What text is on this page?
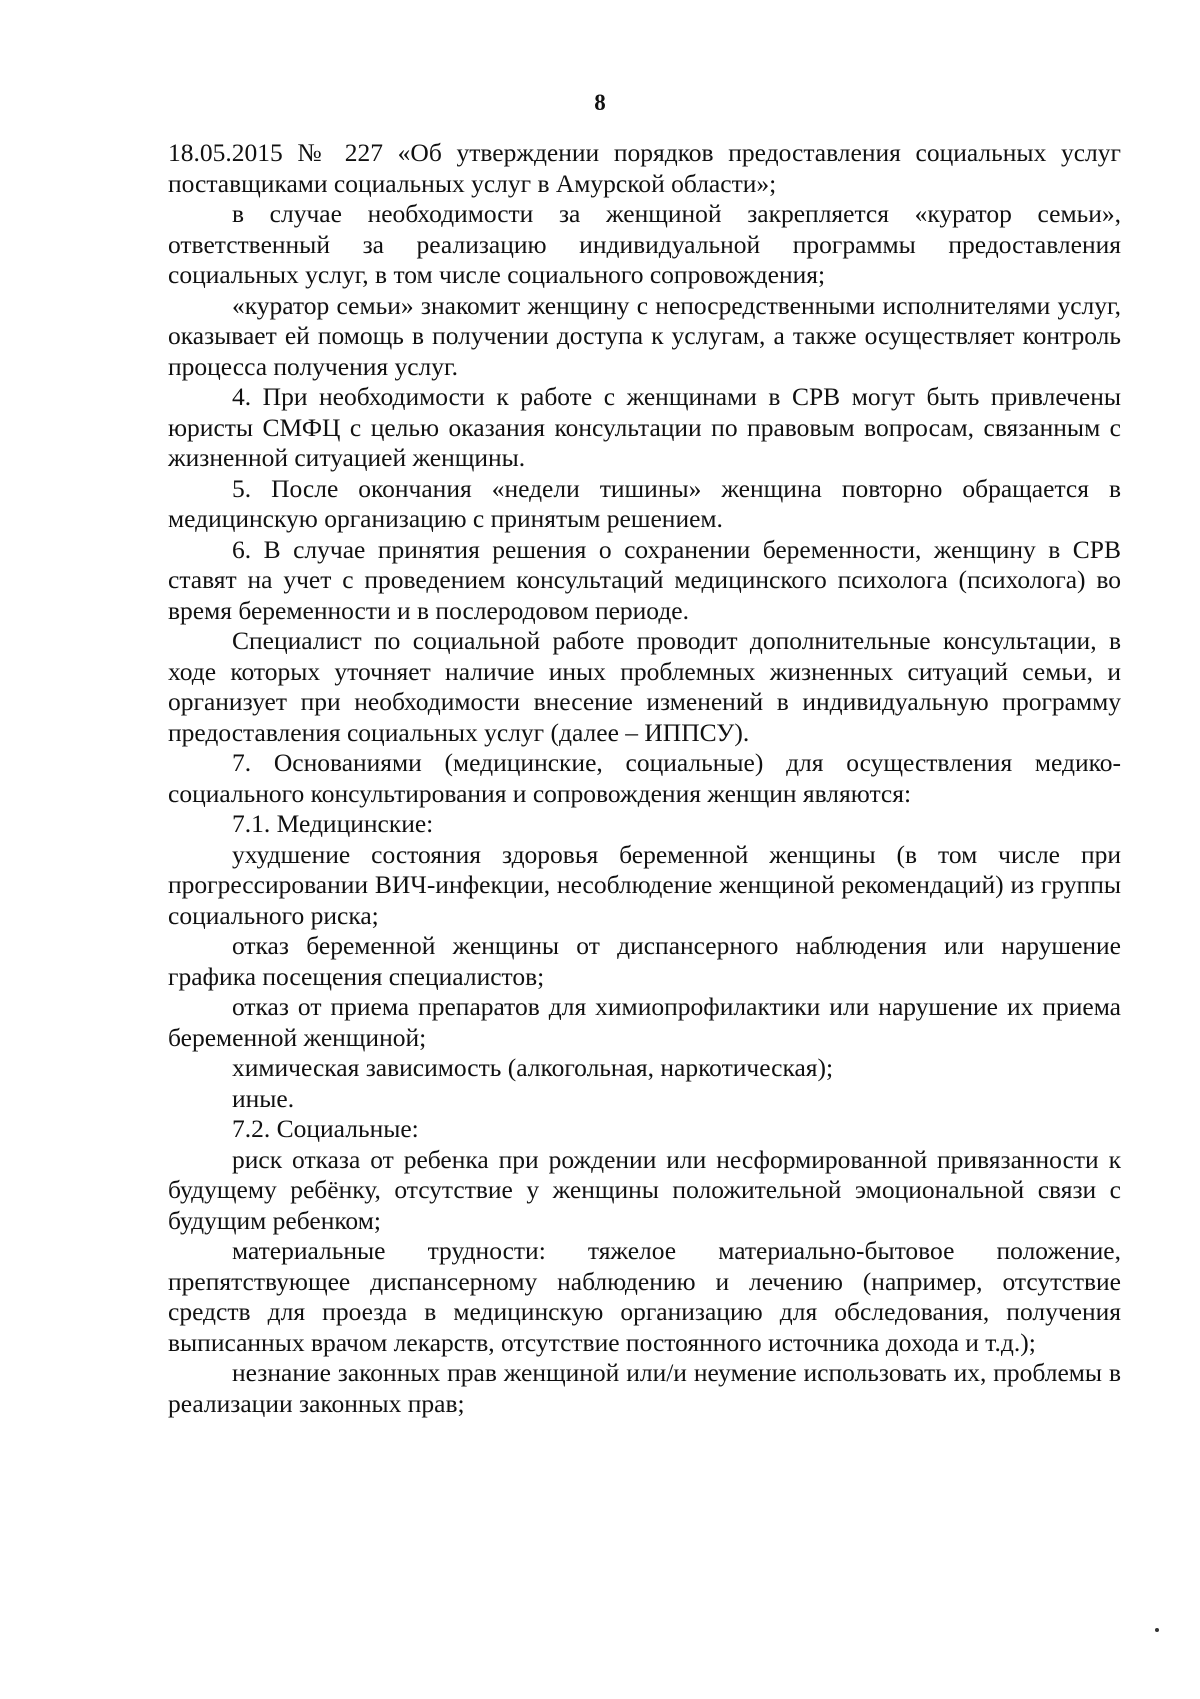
8

18.05.2015 № 227 «Об утверждении порядков предоставления социальных услуг поставщиками социальных услуг в Амурской области»;

в случае необходимости за женщиной закрепляется «куратор семьи», ответственный за реализацию индивидуальной программы предоставления социальных услуг, в том числе социального сопровождения;

«куратор семьи» знакомит женщину с непосредственными исполнителями услуг, оказывает ей помощь в получении доступа к услугам, а также осуществляет контроль процесса получения услуг.

4. При необходимости к работе с женщинами в СРВ могут быть привлечены юристы СМФЦ с целью оказания консультации по правовым вопросам, связанным с жизненной ситуацией женщины.

5. После окончания «недели тишины» женщина повторно обращается в медицинскую организацию с принятым решением.

6. В случае принятия решения о сохранении беременности, женщину в СРВ ставят на учет с проведением консультаций медицинского психолога (психолога) во время беременности и в послеродовом периоде.

Специалист по социальной работе проводит дополнительные консультации, в ходе которых уточняет наличие иных проблемных жизненных ситуаций семьи, и организует при необходимости внесение изменений в индивидуальную программу предоставления социальных услуг (далее – ИППСУ).

7. Основаниями (медицинские, социальные) для осуществления медико-социального консультирования и сопровождения женщин являются:

7.1. Медицинские:

ухудшение состояния здоровья беременной женщины (в том числе при прогрессировании ВИЧ-инфекции, несоблюдение женщиной рекомендаций) из группы социального риска;

отказ беременной женщины от диспансерного наблюдения или нарушение графика посещения специалистов;

отказ от приема препаратов для химиопрофилактики или нарушение их приема беременной женщиной;

химическая зависимость (алкогольная, наркотическая);

иные.

7.2. Социальные:

риск отказа от ребенка при рождении или несформированной привязанности к будущему ребёнку, отсутствие у женщины положительной эмоциональной связи с будущим ребенком;

материальные трудности: тяжелое материально-бытовое положение, препятствующее диспансерному наблюдению и лечению (например, отсутствие средств для проезда в медицинскую организацию для обследования, получения выписанных врачом лекарств, отсутствие постоянного источника дохода и т.д.);

незнание законных прав женщиной или/и неумение использовать их, проблемы в реализации законных прав;
